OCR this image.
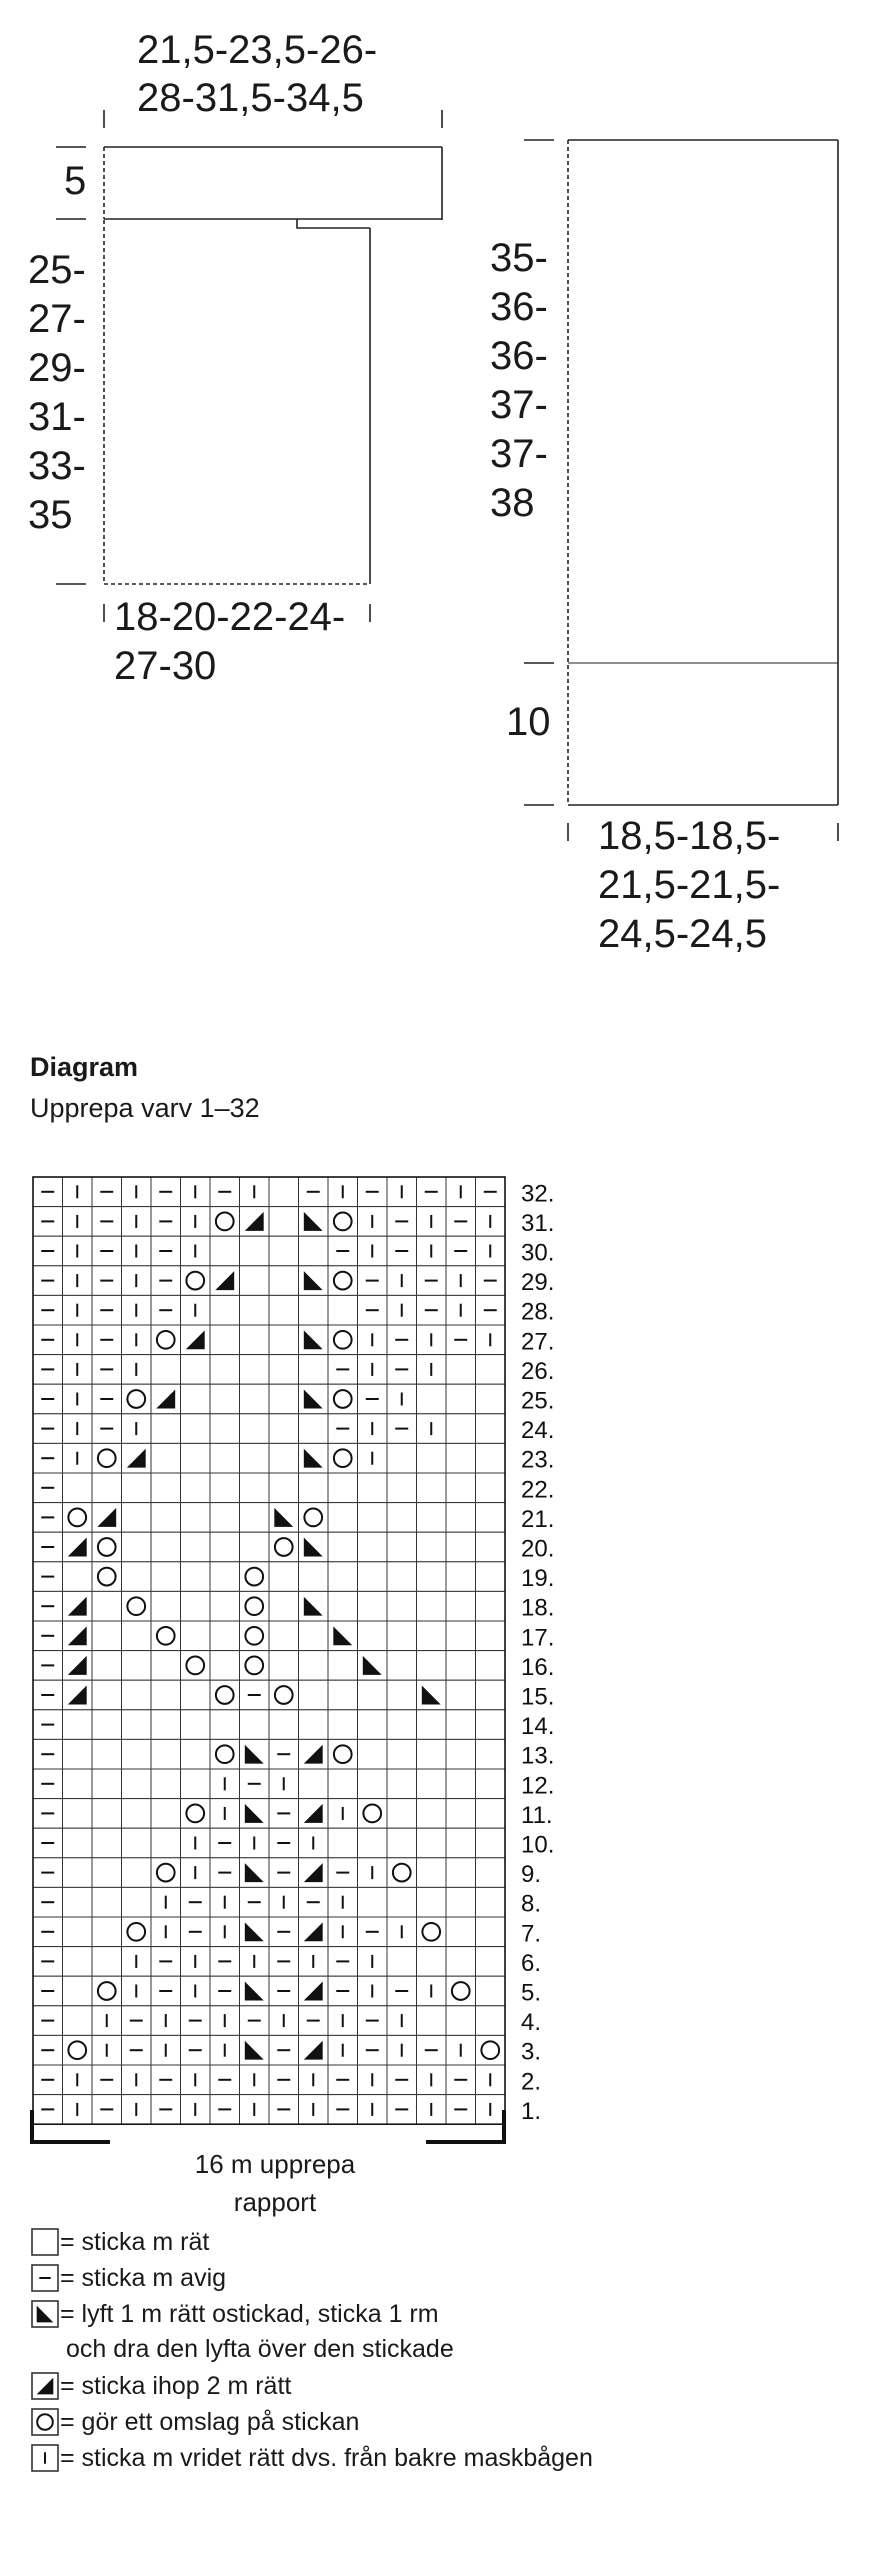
32.
31.
30.
29.
28.
27.
26.
25.
24.
23.
22.
21.
20.
19.
18.
17.
16.
15.
14.
13.
12.
11.
10.
9.
8.
7.
6.
5.
4.
3.
2.
1.
21,5-23,5-26-
28-31,5-34,5
5
25-
27-
29-
31-
33-
35
18-20-22-24-
27-30
35-
36-
36-
37-
37-
38
10
18,5-18,5-
21,5-21,5-
24,5-24,5
Diagram
Upprepa varv 1–32
16 m upprepa
rapport
= sticka m rät
= sticka m avig
= lyft 1 m rätt ostickad, sticka 1 rm
och dra den lyfta över den stickade
= sticka ihop 2 m rätt
= gör ett omslag på stickan
= sticka m vridet rätt dvs. från bakre maskbågen
